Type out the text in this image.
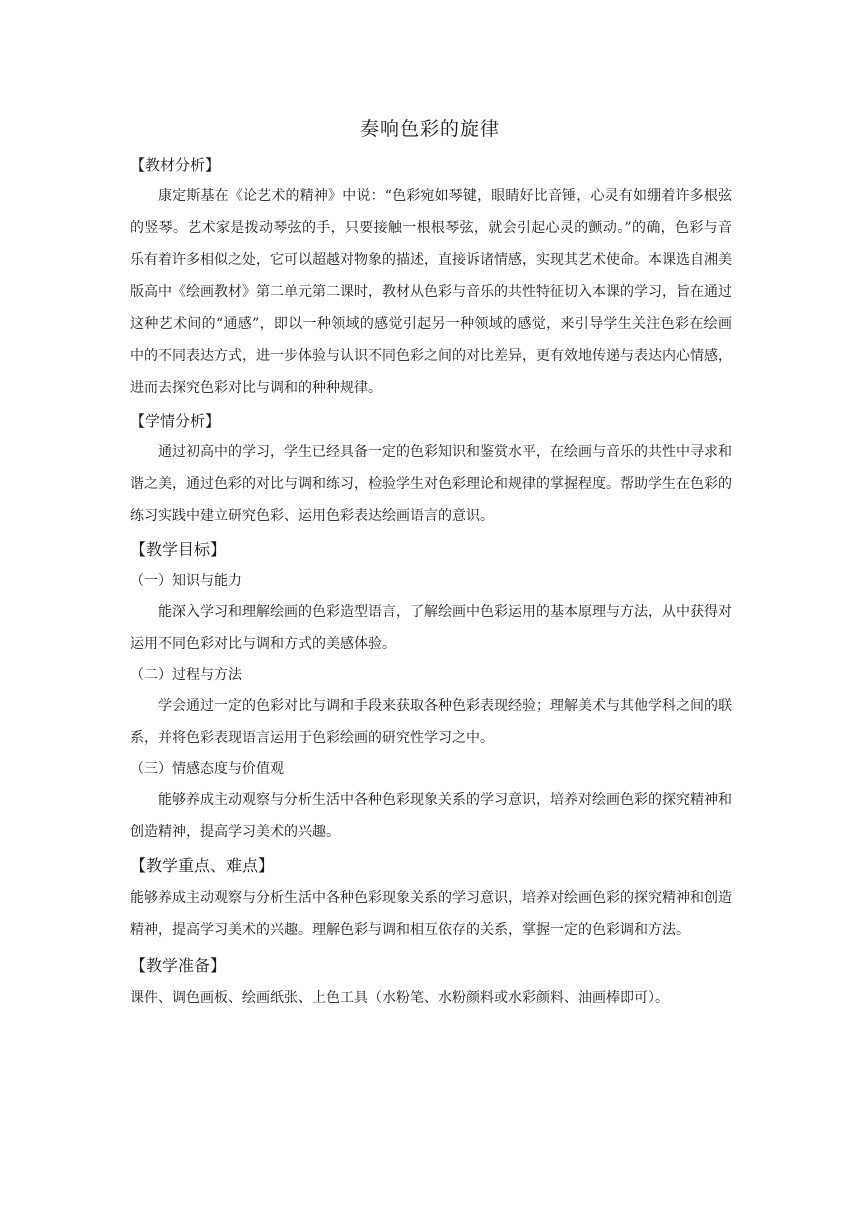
奏响色彩的旋律

【教材分析】

康定斯基在《论艺术的精神》中说：“色彩宛如琴键，眼睛好比音锤，心灵有如绷着许多根弦的竖琴。艺术家是拨动琴弦的手，只要接触一根根琴弦，就会引起心灵的颤动。”的确，色彩与音乐有着许多相似之处，它可以超越对物象的描述，直接诉诸情感，实现其艺术使命。本课选自湘美版高中《绘画教材》第二单元第二课时，教材从色彩与音乐的共性特征切入本课的学习，旨在通过这种艺术间的“通感”，即以一种领域的感觉引起另一种领域的感觉，来引导学生关注色彩在绘画中的不同表达方式，进一步体验与认识不同色彩之间的对比差异，更有效地传递与表达内心情感，进而去探究色彩对比与调和的种种规律。

【学情分析】

通过初高中的学习，学生已经具备一定的色彩知识和鉴赏水平，在绘画与音乐的共性中寻求和谐之美，通过色彩的对比与调和练习，检验学生对色彩理论和规律的掌握程度。帮助学生在色彩的练习实践中建立研究色彩、运用色彩表达绘画语言的意识。

【教学目标】

（一）知识与能力

能深入学习和理解绘画的色彩造型语言，了解绘画中色彩运用的基本原理与方法，从中获得对运用不同色彩对比与调和方式的美感体验。

（二）过程与方法

学会通过一定的色彩对比与调和手段来获取各种色彩表现经验；理解美术与其他学科之间的联系，并将色彩表现语言运用于色彩绘画的研究性学习之中。

（三）情感态度与价值观

能够养成主动观察与分析生活中各种色彩现象关系的学习意识，培养对绘画色彩的探究精神和创造精神，提高学习美术的兴趣。

【教学重点、难点】

能够养成主动观察与分析生活中各种色彩现象关系的学习意识，培养对绘画色彩的探究精神和创造精神，提高学习美术的兴趣。理解色彩与调和相互依存的关系，掌握一定的色彩调和方法。

【教学准备】

课件、调色画板、绘画纸张、上色工具（水粉笔、水粉颜料或水彩颜料、油画棒即可）。
